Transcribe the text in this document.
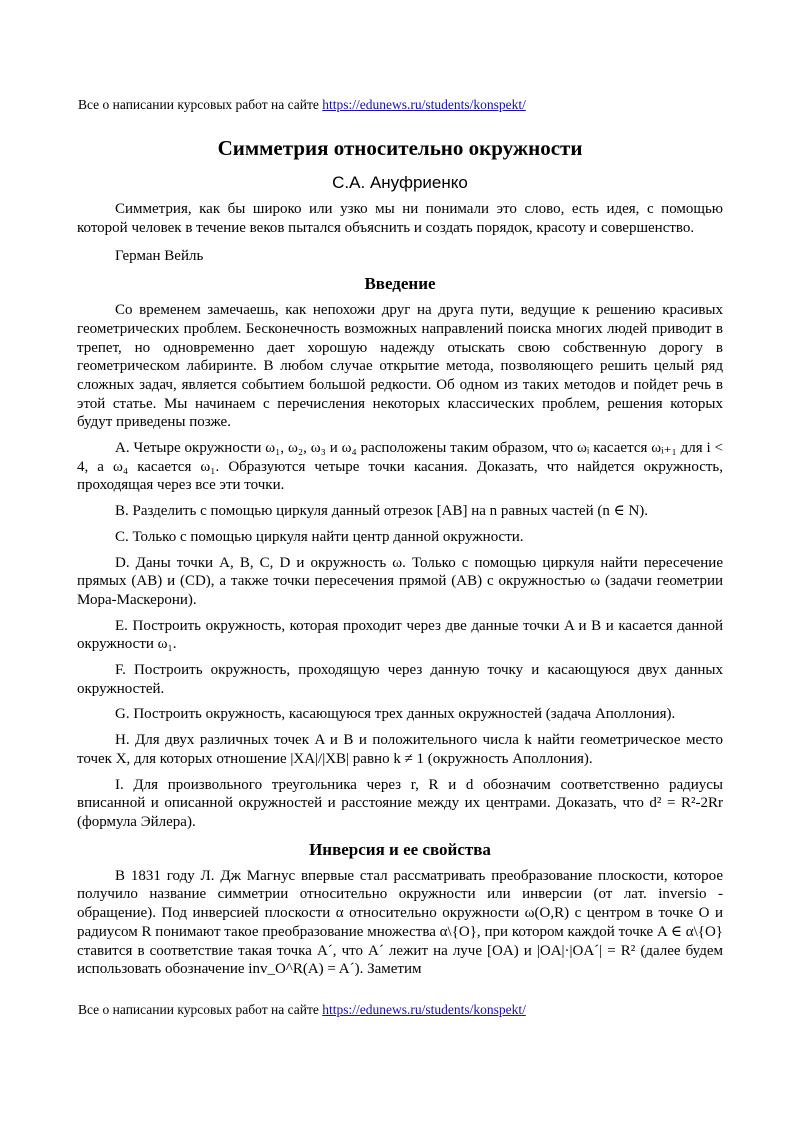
Все о написании курсовых работ на сайте https://edunews.ru/students/konspekt/
Симметрия относительно окружности
С.А. Ануфриенко

Симметрия, как бы широко или узко мы ни понимали это слово, есть идея, с помощью которой человек в течение веков пытался объяснить и создать порядок, красоту и совершенство.

Герман Вейль

Введение

Со временем замечаешь, как непохожи друг на друга пути, ведущие к решению красивых геометрических проблем. Бесконечность возможных направлений поиска многих людей приводит в трепет, но одновременно дает хорошую надежду отыскать свою собственную дорогу в геометрическом лабиринте. В любом случае открытие метода, позволяющего решить целый ряд сложных задач, является событием большой редкости. Об одном из таких методов и пойдет речь в этой статье. Мы начинаем с перечисления некоторых классических проблем, решения которых будут приведены позже.

A. Четыре окружности ω₁, ω₂, ω₃ и ω₄ расположены таким образом, что ωᵢ касается ωᵢ₊₁ для i < 4, а ω₄ касается ω₁. Образуются четыре точки касания. Доказать, что найдется окружность, проходящая через все эти точки.

B. Разделить с помощью циркуля данный отрезок [AB] на n равных частей (n ∈ N).

C. Только с помощью циркуля найти центр данной окружности.

D. Даны точки A, B, C, D и окружность ω. Только с помощью циркуля найти пересечение прямых (AB) и (CD), а также точки пересечения прямой (AB) с окружностью ω (задачи геометрии Мора-Маскерони).

E. Построить окружность, которая проходит через две данные точки A и B и касается данной окружности ω₁.

F. Построить окружность, проходящую через данную точку и касающуюся двух данных окружностей.

G. Построить окружность, касающуюся трех данных окружностей (задача Аполлония).

H. Для двух различных точек A и B и положительного числа k найти геометрическое место точек X, для которых отношение |XA|/|XB| равно k ≠ 1 (окружность Аполлония).

I. Для произвольного треугольника через r, R и d обозначим соответственно радиусы вписанной и описанной окружностей и расстояние между их центрами. Доказать, что d² = R²-2Rr (формула Эйлера).

Инверсия и ее свойства

В 1831 году Л. Дж Магнус впервые стал рассматривать преобразование плоскости, которое получило название симметрии относительно окружности или инверсии (от лат. inversio - обращение). Под инверсией плоскости α относительно окружности ω(O,R) с центром в точке O и радиусом R понимают такое преобразование множества α\{O}, при котором каждой точке A ∈ α\{O} ставится в соответствие такая точка A´, что A´ лежит на луче [OA) и |OA|·|OA´| = R² (далее будем использовать обозначение inv_O^R(A) = A´). Заметим

Все о написании курсовых работ на сайте https://edunews.ru/students/konspekt/
